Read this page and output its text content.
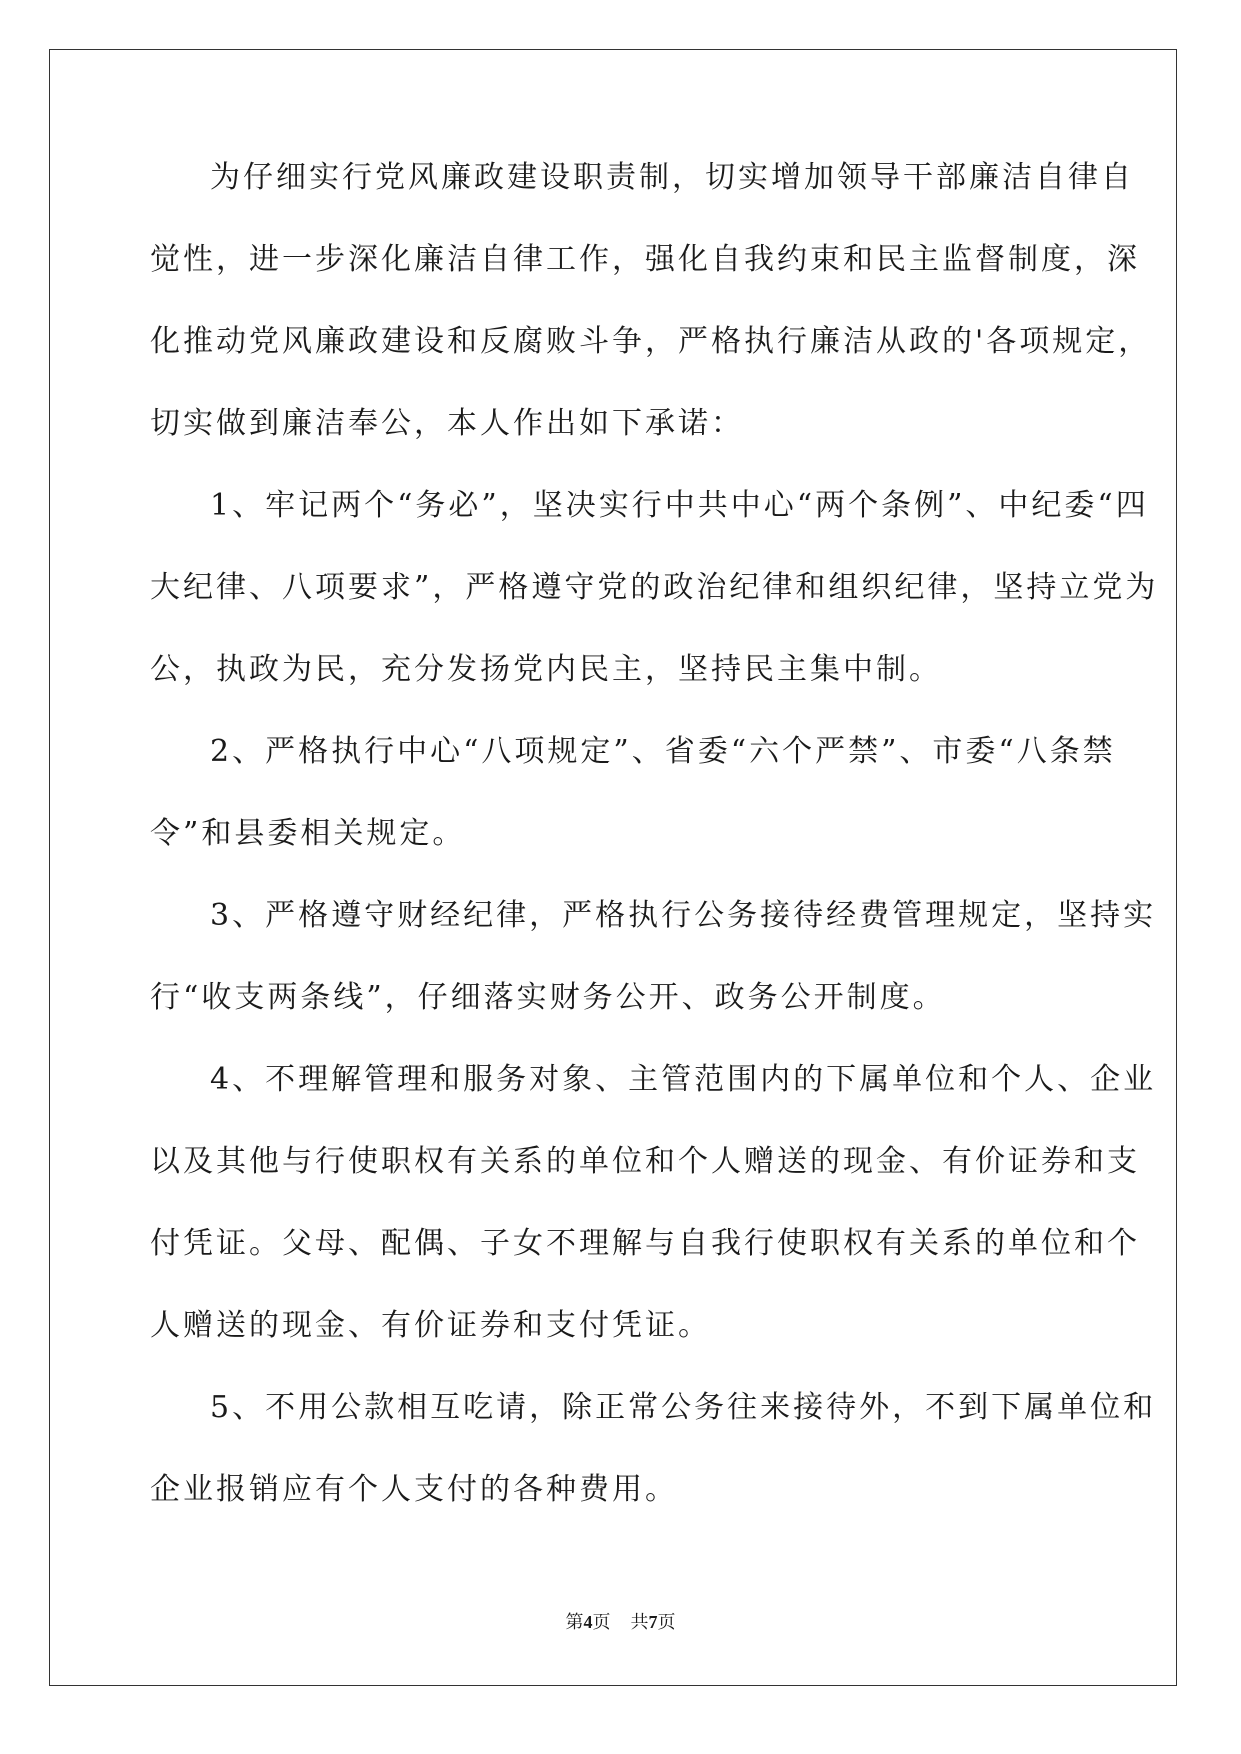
为仔细实行党风廉政建设职责制，切实增加领导干部廉洁自律自
觉性，进一步深化廉洁自律工作，强化自我约束和民主监督制度，深
化推动党风廉政建设和反腐败斗争，严格执行廉洁从政的'各项规定，
切实做到廉洁奉公，本人作出如下承诺：
1、牢记两个“务必”，坚决实行中共中心“两个条例”、中纪委“四
大纪律、八项要求”，严格遵守党的政治纪律和组织纪律，坚持立党为
公，执政为民，充分发扬党内民主，坚持民主集中制。
2、严格执行中心“八项规定”、省委“六个严禁”、市委“八条禁
令”和县委相关规定。
3、严格遵守财经纪律，严格执行公务接待经费管理规定，坚持实
行“收支两条线”，仔细落实财务公开、政务公开制度。
4、不理解管理和服务对象、主管范围内的下属单位和个人、企业
以及其他与行使职权有关系的单位和个人赠送的现金、有价证券和支
付凭证。父母、配偶、子女不理解与自我行使职权有关系的单位和个
人赠送的现金、有价证券和支付凭证。
5、不用公款相互吃请，除正常公务往来接待外，不到下属单位和
企业报销应有个人支付的各种费用。
第4页 共7页
